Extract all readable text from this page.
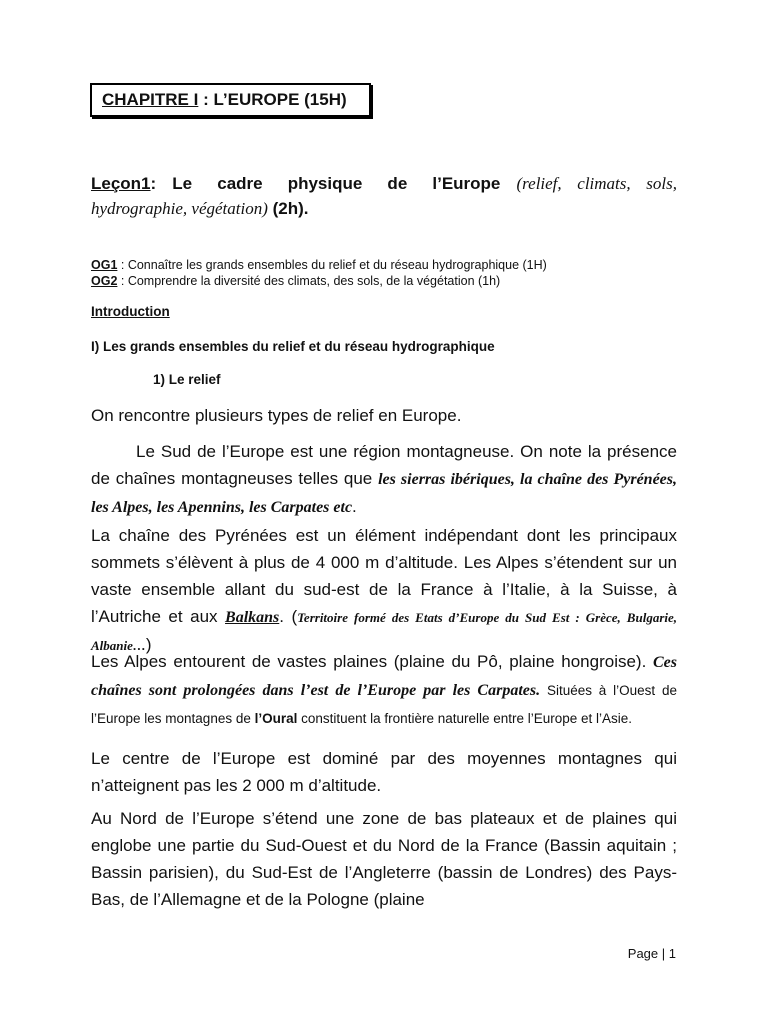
CHAPITRE I : L’EUROPE (15H)
Leçon1: Le cadre physique de l’Europe (relief, climats, sols, hydrographie, végétation) (2h).
OG1 : Connaître les grands ensembles du relief et du réseau hydrographique (1H)
OG2 : Comprendre la diversité des climats, des sols, de la végétation (1h)
Introduction
I) Les grands ensembles du relief et du réseau hydrographique
1) Le relief
On rencontre plusieurs types de relief en Europe.
Le Sud de l’Europe est une région montagneuse. On note la présence de chaînes montagneuses telles que les sierras ibériques, la chaîne des Pyrénées, les Alpes, les Apennins, les Carpates etc.
La chaîne des Pyrénées est un élément indépendant dont les principaux sommets s’élèvent à plus de 4 000 m d’altitude. Les Alpes s’étendent sur un vaste ensemble allant du sud-est de la France à l’Italie, à la Suisse, à l’Autriche et aux Balkans. (Territoire formé des Etats d’Europe du Sud Est : Grèce, Bulgarie, Albanie…)
Les Alpes entourent de vastes plaines (plaine du Pô, plaine hongroise). Ces chaînes sont prolongées dans l’est de l’Europe par les Carpates. Situées à l’Ouest de l’Europe les montagnes de l’Oural constituent la frontière naturelle entre l’Europe et l’Asie.
Le centre de l’Europe est dominé par des moyennes montagnes qui n’atteignent pas les 2 000 m d’altitude.
Au Nord de l’Europe s’étend une zone de bas plateaux et de plaines qui englobe une partie du Sud-Ouest et du Nord de la France (Bassin aquitain ; Bassin parisien), du Sud-Est de l’Angleterre (bassin de Londres) des Pays-Bas, de l’Allemagne et de la Pologne (plaine
Page | 1
